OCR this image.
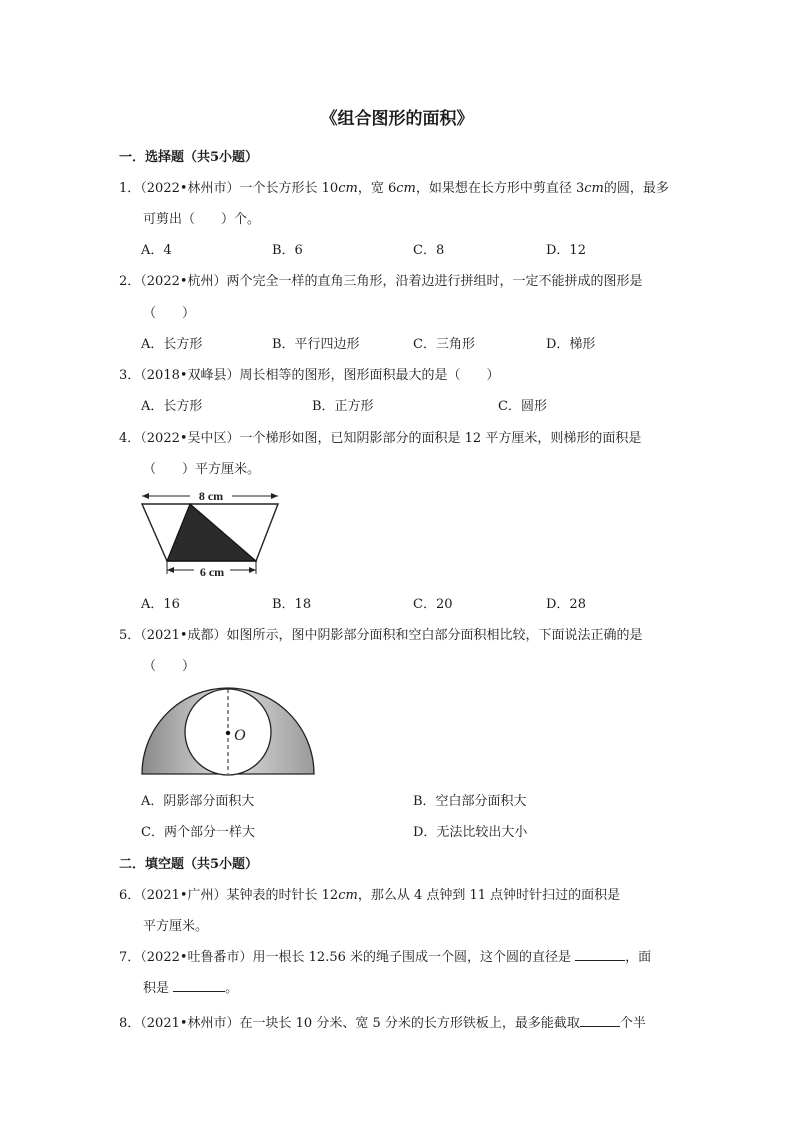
《组合图形的面积》
一．选择题（共5小题）
1．（2022•林州市）一个长方形长 10cm，宽 6cm，如果想在长方形中剪直径 3cm的圆，最多
可剪出（　　）个。
A．4	B．6	C．8	D．12
2．（2022•杭州）两个完全一样的直角三角形，沿着边进行拼组时，一定不能拼成的图形是
（　　）
A．长方形	B．平行四边形	C．三角形	D．梯形
3．（2018•双峰县）周长相等的图形，图形面积最大的是（　　）
A．长方形	B．正方形	C．圆形
4．（2022•吴中区）一个梯形如图，已知阴影部分的面积是 12 平方厘米，则梯形的面积是
（　　）平方厘米。
8 cm
6 cm
A．16	B．18	C．20	D．28
5．（2021•成都）如图所示，图中阴影部分面积和空白部分面积相比较，下面说法正确的是
（　　）
O
A．阴影部分面积大	B．空白部分面积大
C．两个部分一样大	D．无法比较出大小
二．填空题（共5小题）
6．（2021•广州）某钟表的时针长 12cm，那么从 4 点钟到 11 点钟时针扫过的面积是
平方厘米。
7．（2022•吐鲁番市）用一根长 12.56 米的绳子围成一个圆，这个圆的直径是	，面
积是	。
8．（2021•林州市）在一块长 10 分米、宽 5 分米的长方形铁板上，最多能截取	个半
